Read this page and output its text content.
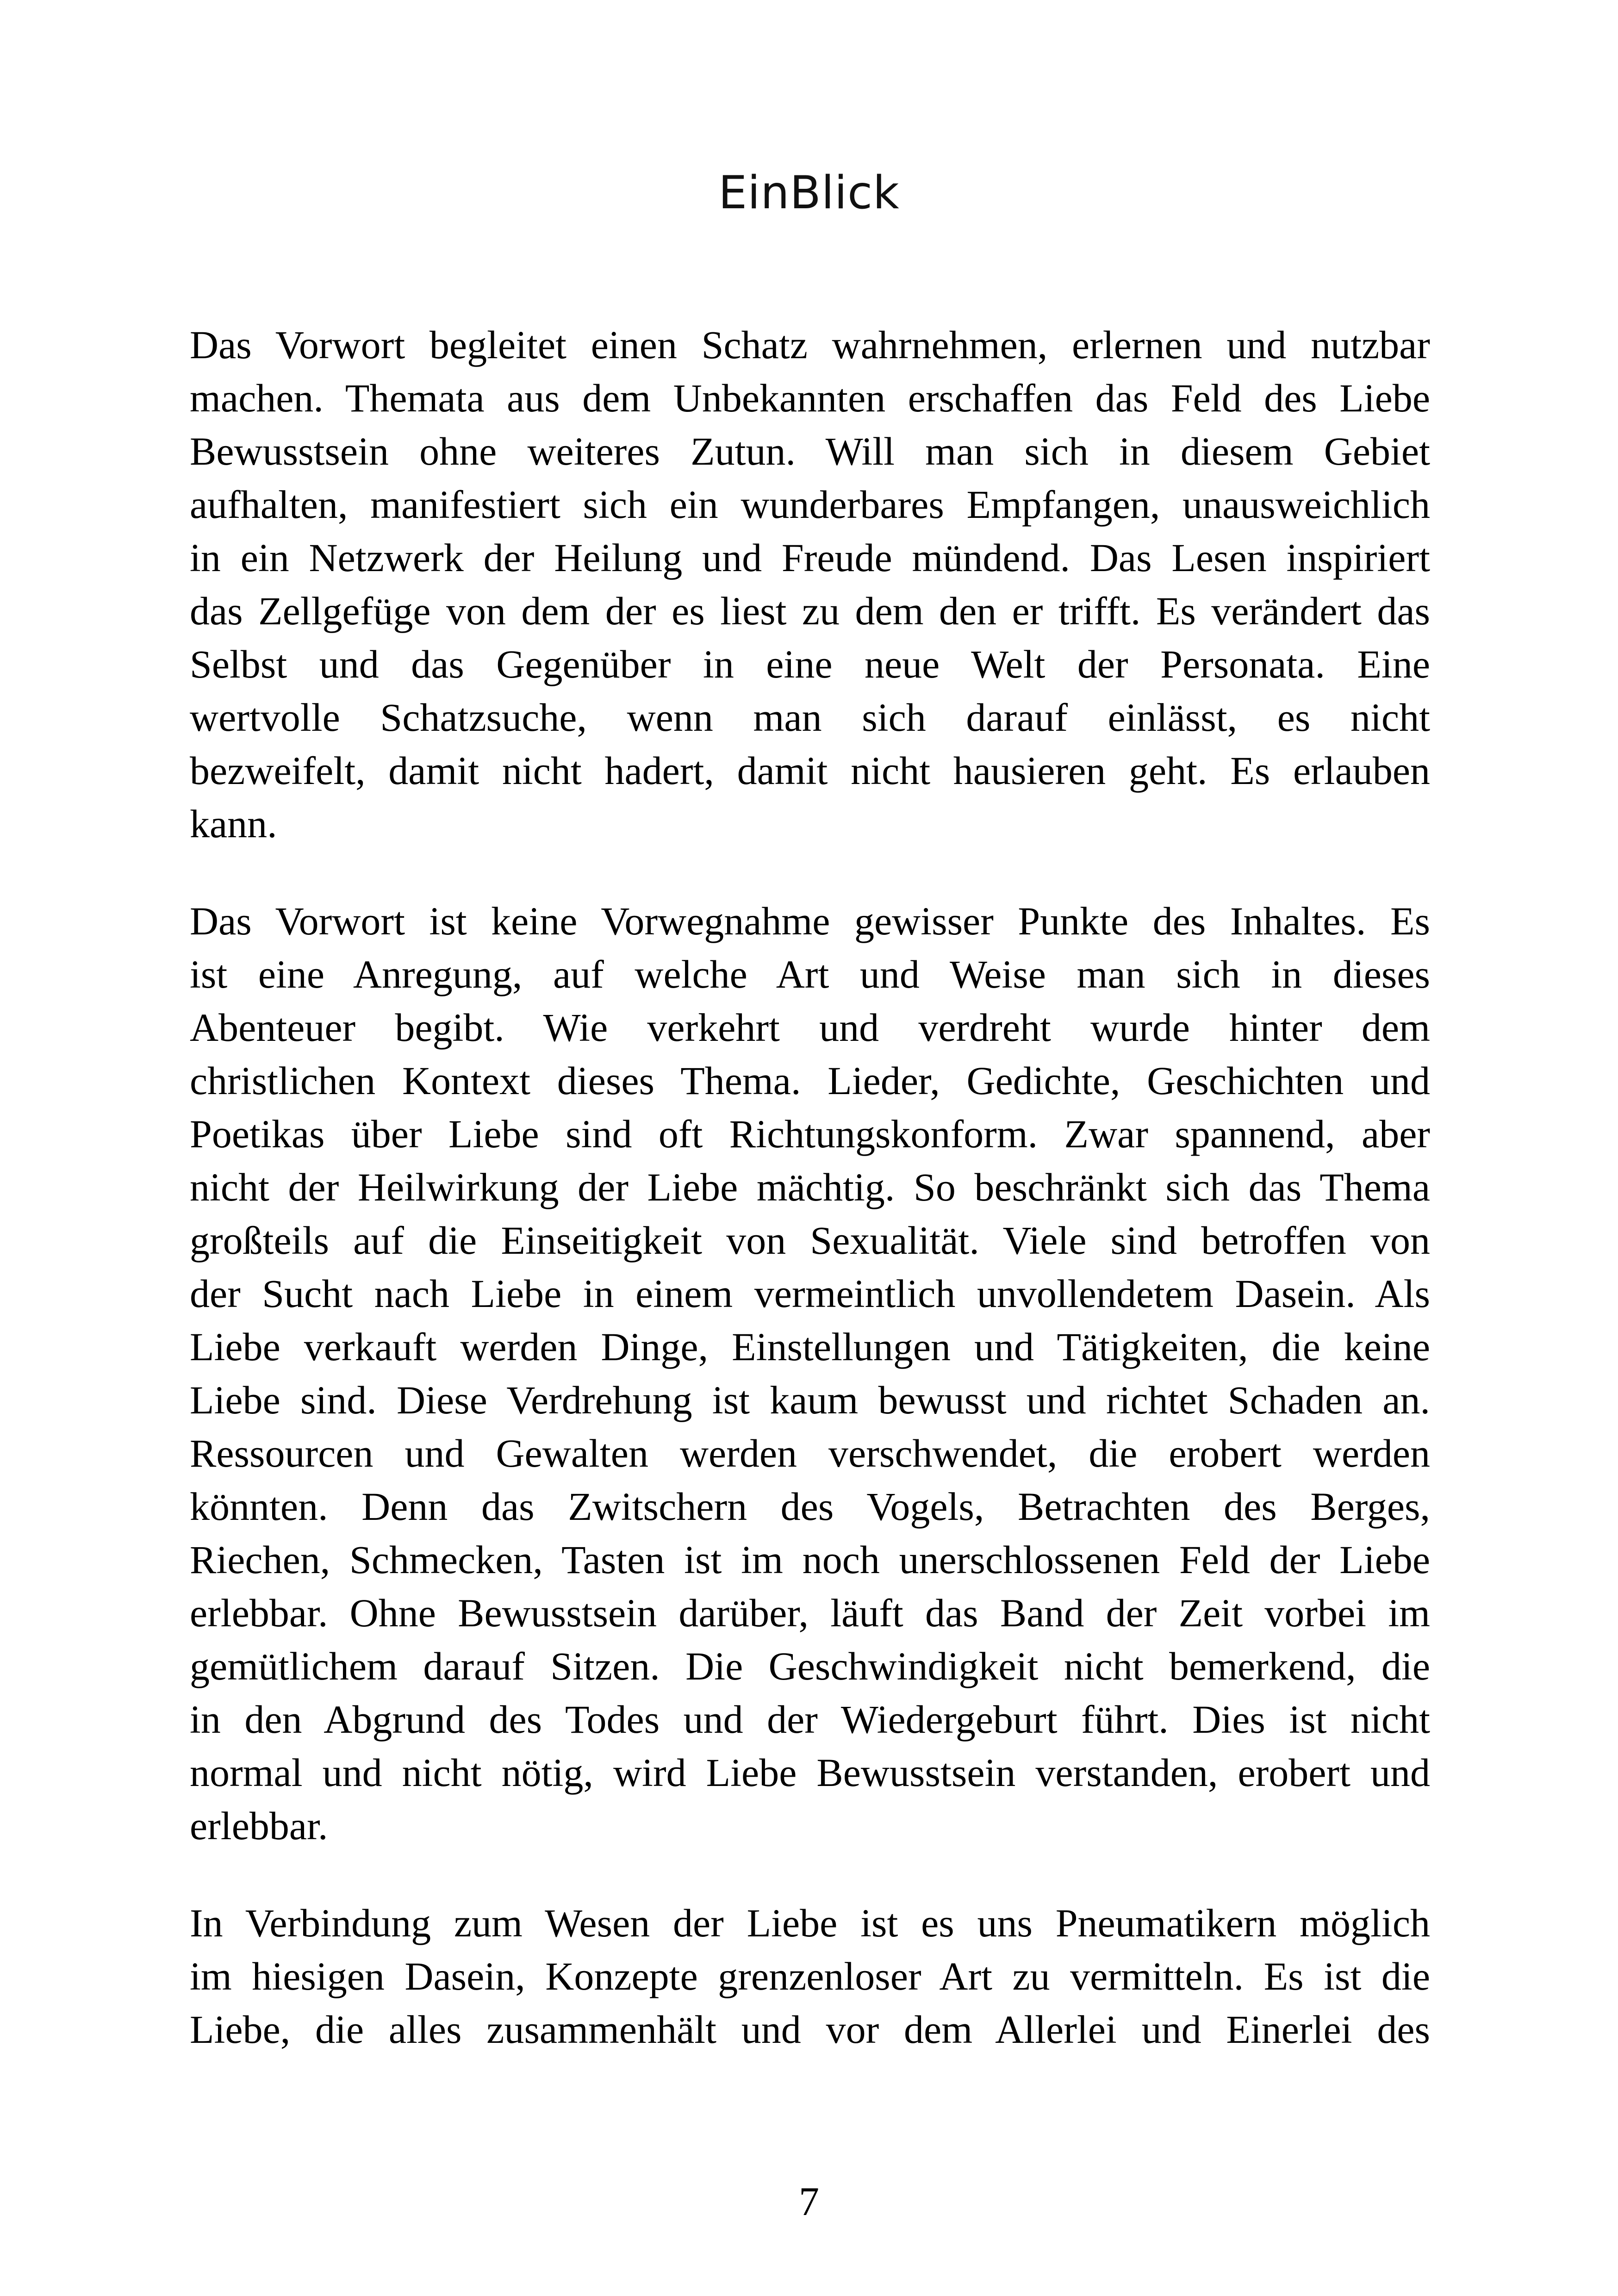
EinBlick
Das Vorwort begleitet einen Schatz wahrnehmen, erlernen und nutzbar
machen. Themata aus dem Unbekannten erschaffen das Feld des Liebe
Bewusstsein ohne weiteres Zutun. Will man sich in diesem Gebiet
aufhalten, manifestiert sich ein wunderbares Empfangen, unausweichlich
in ein Netzwerk der Heilung und Freude mündend. Das Lesen inspiriert
das Zellgefüge von dem der es liest zu dem den er trifft. Es verändert das
Selbst und das Gegenüber in eine neue Welt der Personata. Eine
wertvolle Schatzsuche, wenn man sich darauf einlässt, es nicht
bezweifelt, damit nicht hadert, damit nicht hausieren geht. Es erlauben
kann.
Das Vorwort ist keine Vorwegnahme gewisser Punkte des Inhaltes. Es
ist eine Anregung, auf welche Art und Weise man sich in dieses
Abenteuer begibt. Wie verkehrt und verdreht wurde hinter dem
christlichen Kontext dieses Thema. Lieder, Gedichte, Geschichten und
Poetikas über Liebe sind oft Richtungskonform. Zwar spannend, aber
nicht der Heilwirkung der Liebe mächtig. So beschränkt sich das Thema
großteils auf die Einseitigkeit von Sexualität. Viele sind betroffen von
der Sucht nach Liebe in einem vermeintlich unvollendetem Dasein. Als
Liebe verkauft werden Dinge, Einstellungen und Tätigkeiten, die keine
Liebe sind. Diese Verdrehung ist kaum bewusst und richtet Schaden an.
Ressourcen und Gewalten werden verschwendet, die erobert werden
könnten. Denn das Zwitschern des Vogels, Betrachten des Berges,
Riechen, Schmecken, Tasten ist im noch unerschlossenen Feld der Liebe
erlebbar. Ohne Bewusstsein darüber, läuft das Band der Zeit vorbei im
gemütlichem darauf Sitzen. Die Geschwindigkeit nicht bemerkend, die
in den Abgrund des Todes und der Wiedergeburt führt. Dies ist nicht
normal und nicht nötig, wird Liebe Bewusstsein verstanden, erobert und
erlebbar.
In Verbindung zum Wesen der Liebe ist es uns Pneumatikern möglich
im hiesigen Dasein, Konzepte grenzenloser Art zu vermitteln. Es ist die
Liebe, die alles zusammenhält und vor dem Allerlei und Einerlei des
7
